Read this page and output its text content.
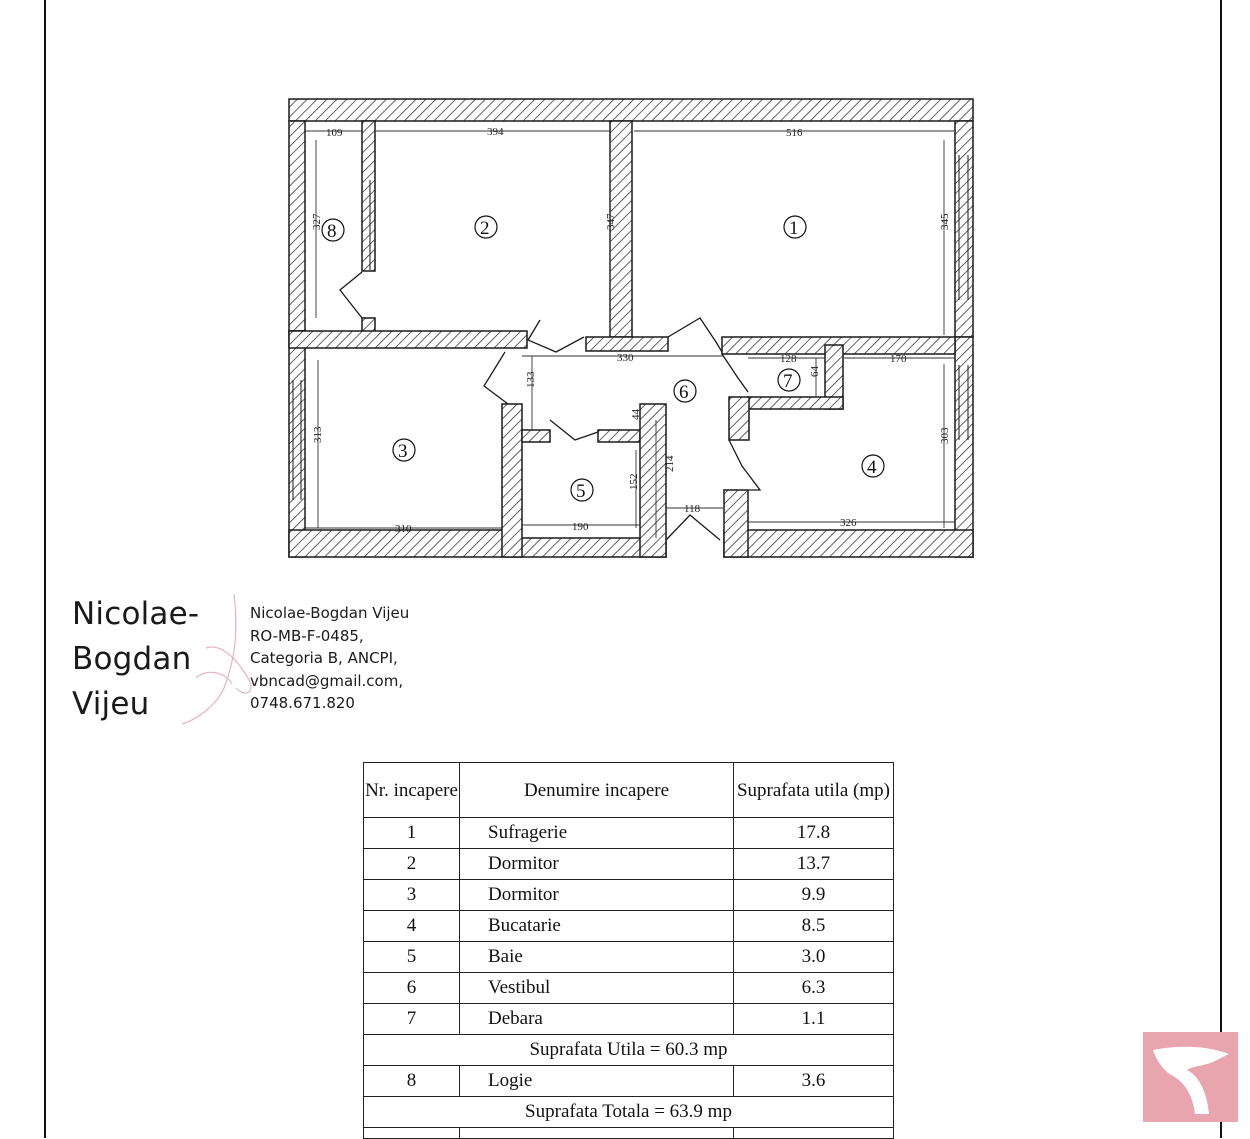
109	394	516
327	347	345
330
133
128
64
170
313
310
303
326
190
152
44
214
118
1
2
3
4
5
6
7
8
Nicolae-
Bogdan
Vijeu
Nicolae-Bogdan Vijeu
RO-MB-F-0485,
Categoria B, ANCPI,
vbncad@gmail.com,
0748.671.820
Nr. incapere	Denumire incapere	Suprafata utila (mp)
1	Sufragerie	17.8
2	Dormitor	13.7
3	Dormitor	9.9
4	Bucatarie	8.5
5	Baie	3.0
6	Vestibul	6.3
7	Debara	1.1
Suprafata Utila = 60.3 mp		
8	Logie	3.6
Suprafata Totala = 63.9 mp		
